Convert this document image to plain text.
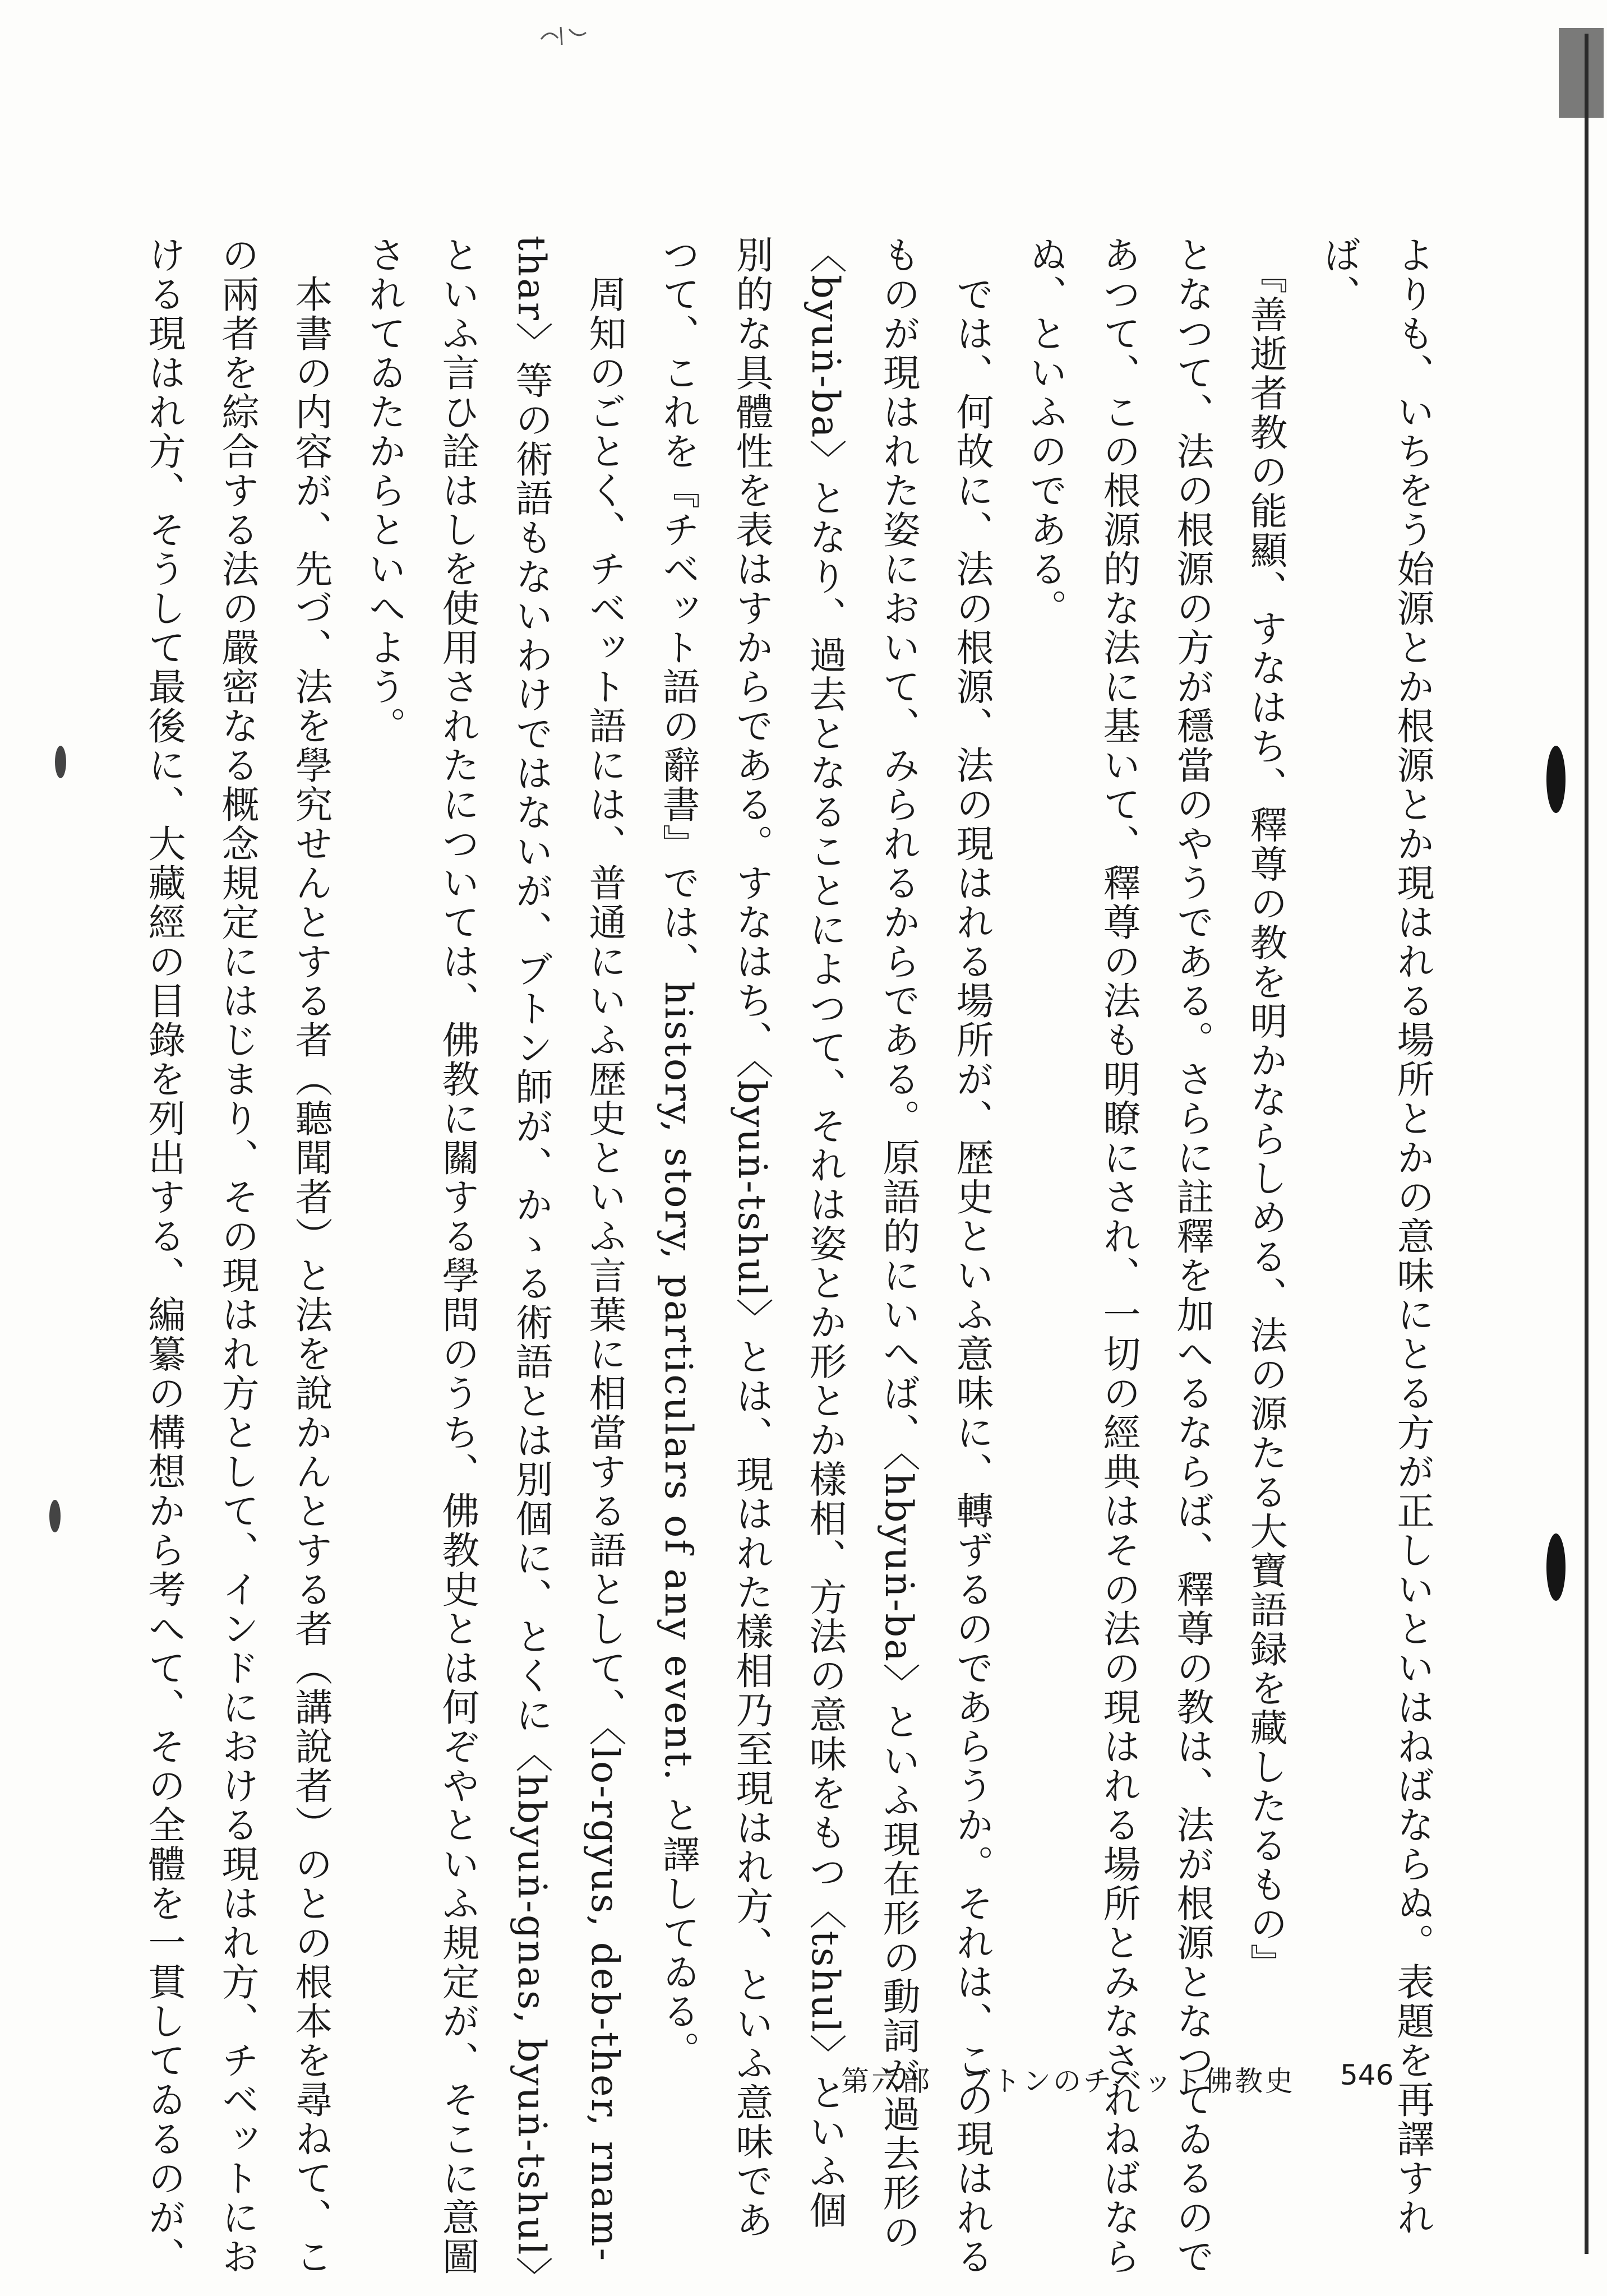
よりも、いちをう始源とか根源とか現はれる場所とかの意味にとる方が正しいといはねばならぬ。表題を再譯すれ
ば、
　『善逝者教の能顯、すなはち、釋尊の教を明かならしめる、法の源たる大寶語録を藏したるもの』
となつて、法の根源の方が穩當のやうである。さらに註釋を加へるならば、釋尊の教は、法が根源となつてゐるので
あつて、この根源的な法に基いて、釋尊の法も明瞭にされ、一切の經典はその法の現はれる場所とみなされねばなら
ぬ、といふのである。
　では、何故に、法の根源、法の現はれる場所が、歴史といふ意味に、轉ずるのであらうか。それは、この現はれる
ものが現はれた姿において、みられるからである。原語的にいへば、〈hbyuṅ-ba〉といふ現在形の動詞が過去形の
〈byuṅ-ba〉となり、過去となることによつて、それは姿とか形とか樣相、方法の意味をもつ〈tshul〉といふ個
別的な具體性を表はすからである。すなはち、〈byuṅ-tshul〉とは、現はれた樣相乃至現はれ方、といふ意味であ
つて、これを『チベット語の辭書』では、history, story, particulars of any event. と譯してゐる。
　周知のごとく、チベット語には、普通にいふ歴史といふ言葉に相當する語として、〈lo-rgyus, deb-ther, rnam-
thar〉等の術語もないわけではないが、ブトン師が、かゝる術語とは別個に、とくに〈hbyuṅ-gnas, byuṅ-tshul〉
といふ言ひ詮はしを使用されたについては、佛教に關する學問のうち、佛教史とは何ぞやといふ規定が、そこに意圖
されてゐたからといへよう。
　本書の内容が、先づ、法を學究せんとする者（聽聞者）と法を說かんとする者（講說者）のとの根本を尋ねて、こ
の兩者を綜合する法の嚴密なる概念規定にはじまり、その現はれ方として、インドにおける現はれ方、チベットにお
ける現はれ方、そうして最後に、大藏經の目錄を列出する、編纂の構想から考へて、その全體を一貫してゐるのが、	第六部　ブトンのチベット佛教史 546
